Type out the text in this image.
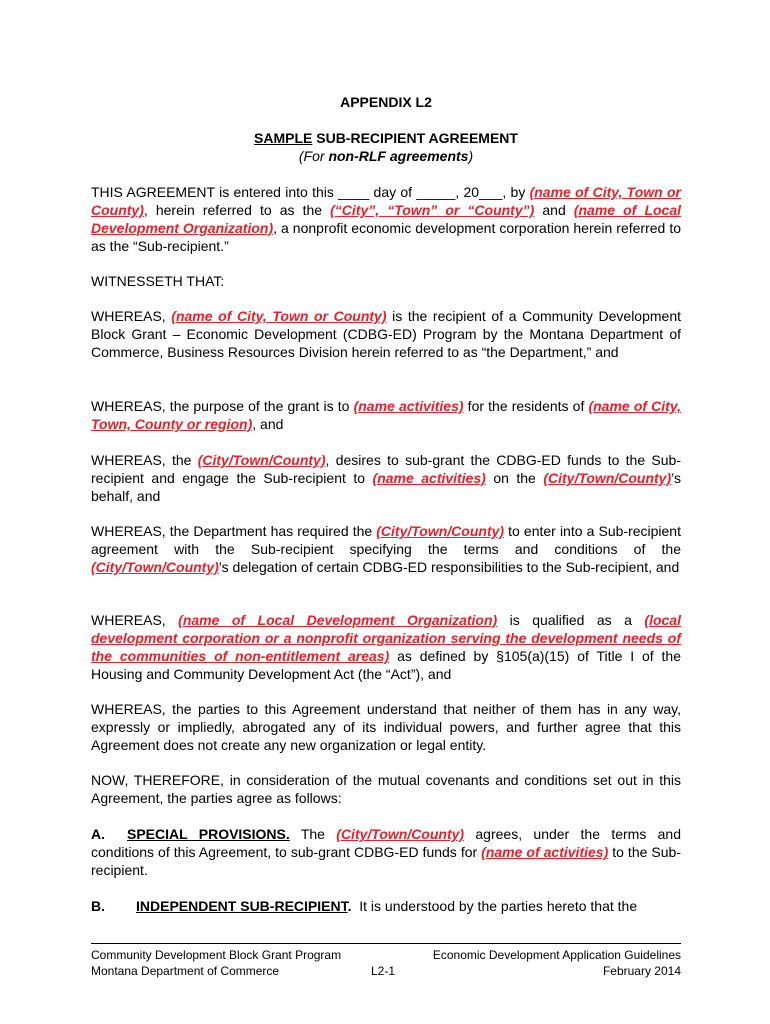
APPENDIX L2
SAMPLE SUB-RECIPIENT AGREEMENT
(For non-RLF agreements)
THIS AGREEMENT is entered into this ____ day of _____, 20___, by (name of City, Town or County), herein referred to as the (“City”, “Town” or “County”) and (name of Local Development Organization), a nonprofit economic development corporation herein referred to as the “Sub-recipient.”
WITNESSETH THAT:
WHEREAS, (name of City, Town or County) is the recipient of a Community Development Block Grant – Economic Development (CDBG-ED) Program by the Montana Department of Commerce, Business Resources Division herein referred to as “the Department,” and
WHEREAS, the purpose of the grant is to (name activities) for the residents of (name of City, Town, County or region), and
WHEREAS, the (City/Town/County), desires to sub-grant the CDBG-ED funds to the Sub-recipient and engage the Sub-recipient to (name activities) on the (City/Town/County)’s behalf, and
WHEREAS, the Department has required the (City/Town/County) to enter into a Sub-recipient agreement with the Sub-recipient specifying the terms and conditions of the (City/Town/County)’s delegation of certain CDBG-ED responsibilities to the Sub-recipient, and
WHEREAS, (name of Local Development Organization) is qualified as a (local development corporation or a nonprofit organization serving the development needs of the communities of non-entitlement areas) as defined by §105(a)(15) of Title I of the Housing and Community Development Act (the “Act”), and
WHEREAS, the parties to this Agreement understand that neither of them has in any way, expressly or impliedly, abrogated any of its individual powers, and further agree that this Agreement does not create any new organization or legal entity.
NOW, THEREFORE, in consideration of the mutual covenants and conditions set out in this Agreement, the parties agree as follows:
A. SPECIAL PROVISIONS. The (City/Town/County) agrees, under the terms and conditions of this Agreement, to sub-grant CDBG-ED funds for (name of activities) to the Sub-recipient.
B. INDEPENDENT SUB-RECIPIENT.  It is understood by the parties hereto that the
Community Development Block Grant Program
Montana Department of Commerce	L2-1
Economic Development Application Guidelines
February 2014
